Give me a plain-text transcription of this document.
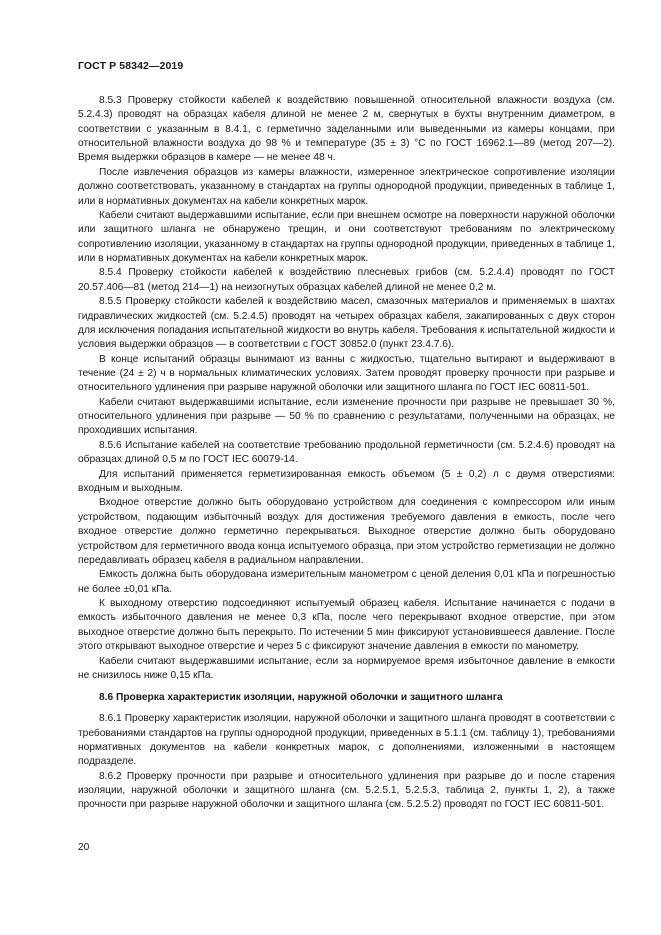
ГОСТ Р 58342—2019

8.5.3 Проверку стойкости кабелей к воздействию повышенной относительной влажности воздуха (см. 5.2.4.3) проводят на образцах кабеля длиной не менее 2 м, свернутых в бухты внутренним диаметром, в соответствии с указанным в 8.4.1, с герметично заделанными или выведенными из камеры концами, при относительной влажности воздуха до 98 % и температуре (35 ± 3) °С по ГОСТ 16962.1—89 (метод 207—2). Время выдержки образцов в камере — не менее 48 ч.

После извлечения образцов из камеры влажности, измеренное электрическое сопротивление изоляции должно соответствовать, указанному в стандартах на группы однородной продукции, приведенных в таблице 1, или в нормативных документах на кабели конкретных марок.

Кабели считают выдержавшими испытание, если при внешнем осмотре на поверхности наружной оболочки или защитного шланга не обнаружено трещин, и они соответствуют требованиям по электрическому сопротивлению изоляции, указанному в стандартах на группы однородной продукции, приведенных в таблице 1, или в нормативных документах на кабели конкретных марок.

8.5.4 Проверку стойкости кабелей к воздействию плесневых грибов (см. 5.2.4.4) проводят по ГОСТ 20.57.406—81 (метод 214—1) на неизогнутых образцах кабелей длиной не менее 0,2 м.

8.5.5 Проверку стойкости кабелей к воздействию масел, смазочных материалов и применяемых в шахтах гидравлических жидкостей (см. 5.2.4.5) проводят на четырех образцах кабеля, закапированных с двух сторон для исключения попадания испытательной жидкости во внутрь кабеля. Требования к испытательной жидкости и условия выдержки образцов — в соответствии с ГОСТ 30852.0 (пункт 23.4.7.6).

В конце испытаний образцы вынимают из ванны с жидкостью, тщательно вытирают и выдерживают в течение (24 ± 2) ч в нормальных климатических условиях. Затем проводят проверку прочности при разрыве и относительного удлинения при разрыве наружной оболочки или защитного шланга по ГОСТ IEC 60811-501.

Кабели считают выдержавшими испытание, если изменение прочности при разрыве не превышает 30 %, относительного удлинения при разрыве — 50 % по сравнению с результатами, полученными на образцах, не проходивших испытания.

8.5.6 Испытание кабелей на соответствие требованию продольной герметичности (см. 5.2.4.6) проводят на образцах длиной 0,5 м по ГОСТ IEC 60079-14.

Для испытаний применяется герметизированная емкость объемом (5 ± 0,2) л с двумя отверстиями: входным и выходным.

Входное отверстие должно быть оборудовано устройством для соединения с компрессором или иным устройством, подающим избыточный воздух для достижения требуемого давления в емкость, после чего входное отверстие должно герметично перекрываться. Выходное отверстие должно быть оборудовано устройством для герметичного ввода конца испытуемого образца, при этом устройство герметизации не должно передавливать образец кабеля в радиальном направлении.

Емкость должна быть оборудована измерительным манометром с ценой деления 0,01 кПа и погрешностью не более ±0,01 кПа.

К выходному отверстию подсоединяют испытуемый образец кабеля. Испытание начинается с подачи в емкость избыточного давления не менее 0,3 кПа, после чего перекрывают входное отверстие, при этом выходное отверстие должно быть перекрыто. По истечении 5 мин фиксируют установившееся давление. После этого открывают выходное отверстие и через 5 с фиксируют значение давления в емкости по манометру.

Кабели считают выдержавшими испытание, если за нормируемое время избыточное давление в емкости не снизилось ниже 0,15 кПа.

8.6 Проверка характеристик изоляции, наружной оболочки и защитного шланга

8.6.1 Проверку характеристик изоляции, наружной оболочки и защитного шланга проводят в соответствии с требованиями стандартов на группы однородной продукции, приведенных в 5.1.1 (см. таблицу 1), требованиями нормативных документов на кабели конкретных марок, с дополнениями, изложенными в настоящем подразделе.

8.6.2 Проверку прочности при разрыве и относительного удлинения при разрыве до и после старения изоляции, наружной оболочки и защитного шланга (см. 5.2.5.1, 5.2.5.3, таблица 2, пункты 1, 2), а также прочности при разрыве наружной оболочки и защитного шланга (см. 5.2.5.2) проводят по ГОСТ IEC 60811-501.

20
